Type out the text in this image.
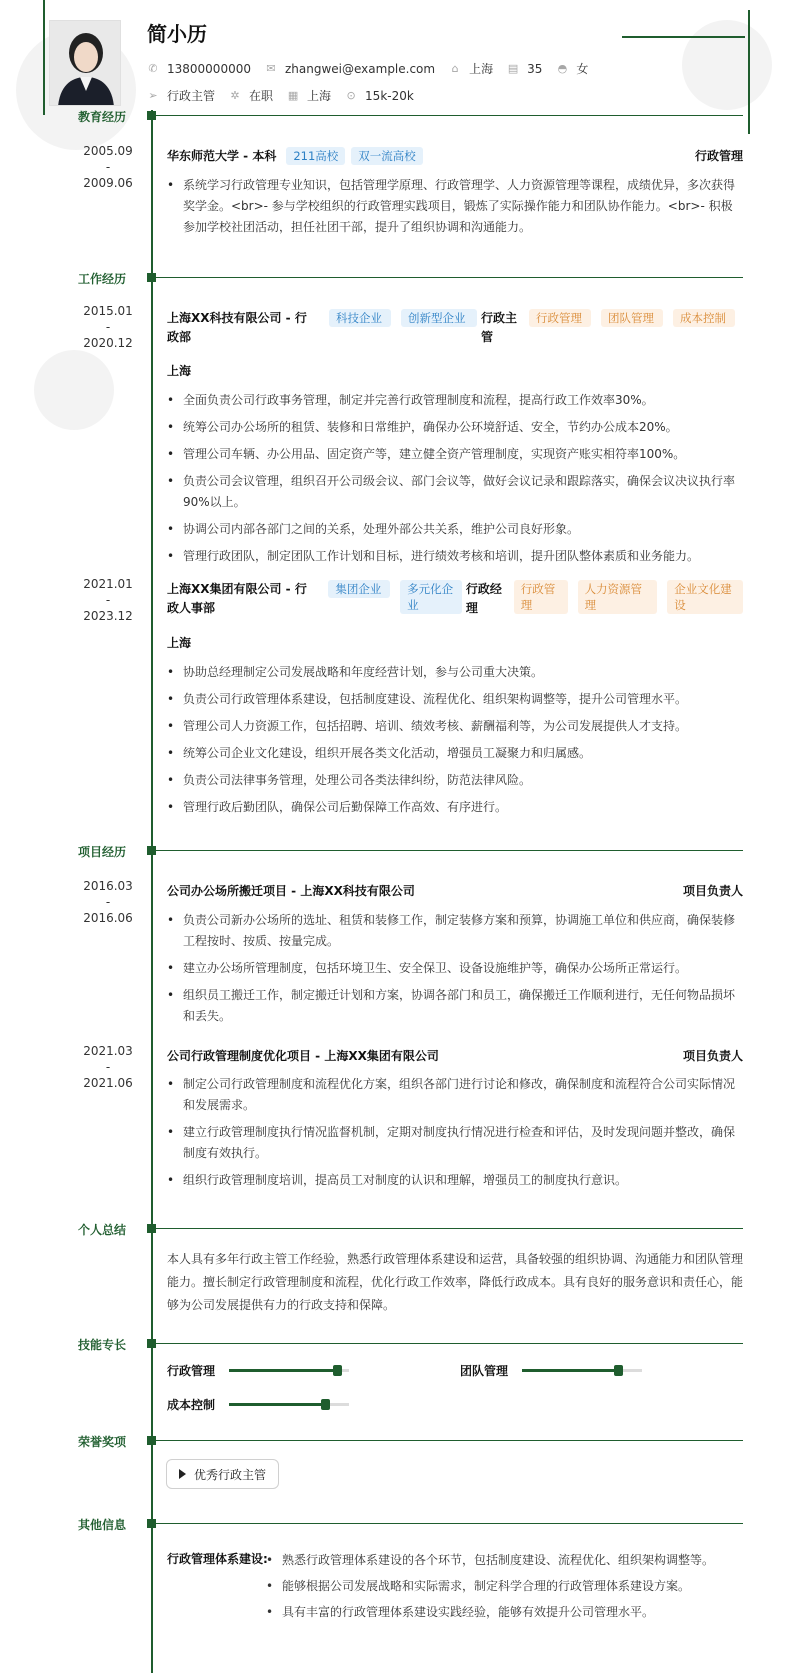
简小历
✆ 13800000000 ✉ zhangwei@example.com ⌂ 上海 ▤ 35 ◓ 女
➢ 行政主管 ✲ 在职 ▦ 上海 ⊙ 15k-20k
教育经历
2005.09
-
2009.06
华东师范大学 - 本科	211高校	双一流高校	行政管理
• 系统学习行政管理专业知识，包括管理学原理、行政管理学、人力资源管理等课程，成绩优异，多次获得奖学金。<br>- 参与学校组织的行政管理实践项目，锻炼了实际操作能力和团队协作能力。<br>- 积极参加学校社团活动，担任社团干部，提升了组织协调和沟通能力。
工作经历
2015.01
-
2020.12
上海XX科技有限公司 - 行政部
科技企业	创新型企业	行政主管
行政管理	团队管理	成本控制
上海
• 全面负责公司行政事务管理，制定并完善行政管理制度和流程，提高行政工作效率30%。
• 统筹公司办公场所的租赁、装修和日常维护，确保办公环境舒适、安全，节约办公成本20%。
• 管理公司车辆、办公用品、固定资产等，建立健全资产管理制度，实现资产账实相符率100%。
• 负责公司会议管理，组织召开公司级会议、部门会议等，做好会议记录和跟踪落实，确保会议决议执行率90%以上。
• 协调公司内部各部门之间的关系，处理外部公共关系，维护公司良好形象。
• 管理行政团队，制定团队工作计划和目标，进行绩效考核和培训，提升团队整体素质和业务能力。
2021.01
-
2023.12
上海XX集团有限公司 - 行政人事部
集团企业	多元化企业
行政经理
行政管理
人力资源管理
企业文化建设
上海
• 协助总经理制定公司发展战略和年度经营计划，参与公司重大决策。
• 负责公司行政管理体系建设，包括制度建设、流程优化、组织架构调整等，提升公司管理水平。
• 管理公司人力资源工作，包括招聘、培训、绩效考核、薪酬福利等，为公司发展提供人才支持。
• 统筹公司企业文化建设，组织开展各类文化活动，增强员工凝聚力和归属感。
• 负责公司法律事务管理，处理公司各类法律纠纷，防范法律风险。
• 管理行政后勤团队，确保公司后勤保障工作高效、有序进行。
项目经历
2016.03
-
2016.06
公司办公场所搬迁项目 - 上海XX科技有限公司	项目负责人
• 负责公司新办公场所的选址、租赁和装修工作，制定装修方案和预算，协调施工单位和供应商，确保装修工程按时、按质、按量完成。
• 建立办公场所管理制度，包括环境卫生、安全保卫、设备设施维护等，确保办公场所正常运行。
• 组织员工搬迁工作，制定搬迁计划和方案，协调各部门和员工，确保搬迁工作顺利进行，无任何物品损坏和丢失。
2021.03
-
2021.06
公司行政管理制度优化项目 - 上海XX集团有限公司	项目负责人
• 制定公司行政管理制度和流程优化方案，组织各部门进行讨论和修改，确保制度和流程符合公司实际情况和发展需求。
• 建立行政管理制度执行情况监督机制，定期对制度执行情况进行检查和评估，及时发现问题并整改，确保制度有效执行。
• 组织行政管理制度培训，提高员工对制度的认识和理解，增强员工的制度执行意识。
个人总结
本人具有多年行政主管工作经验，熟悉行政管理体系建设和运营，具备较强的组织协调、沟通能力和团队管理能力。擅长制定行政管理制度和流程，优化行政工作效率，降低行政成本。具有良好的服务意识和责任心，能够为公司发展提供有力的行政支持和保障。
技能专长
行政管理	团队管理
成本控制
荣誉奖项
优秀行政主管
其他信息
行政管理体系建设:
•	熟悉行政管理体系建设的各个环节，包括制度建设、流程优化、组织架构调整等。
• 能够根据公司发展战略和实际需求，制定科学合理的行政管理体系建设方案。
• 具有丰富的行政管理体系建设实践经验，能够有效提升公司管理水平。
